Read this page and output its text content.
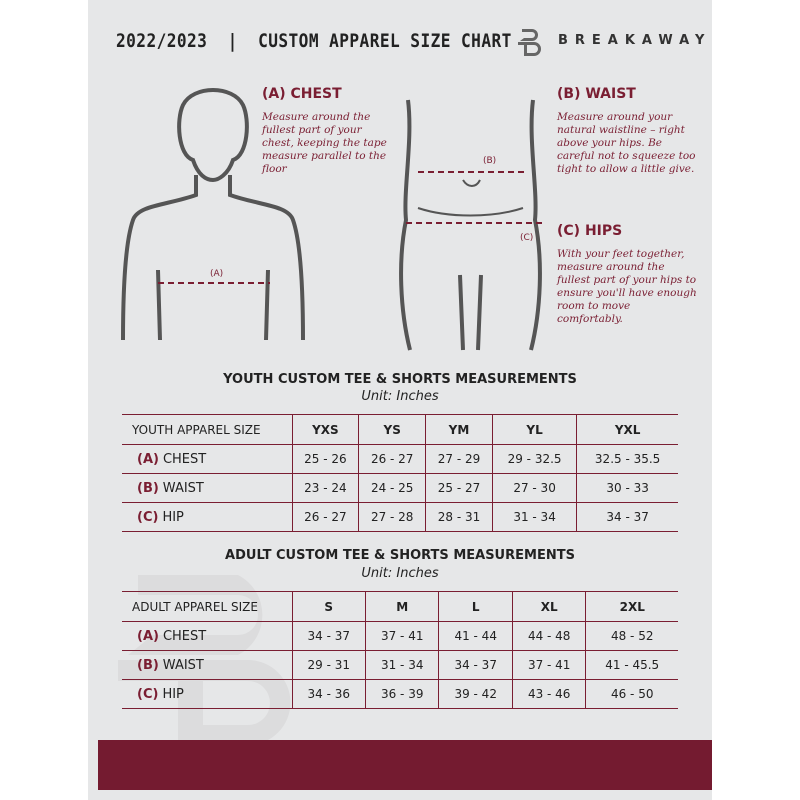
2022/2023  |  CUSTOM APPAREL SIZE CHART	BREAKAWAY
(A)
(B)
(C)
(A) CHEST
Measure around the fullest part of your chest, keeping the tape measure parallel to the floor
(B) WAIST
Measure around your natural waistline – right above your hips. Be careful not to squeeze too tight to allow a little give.
(C) HIPS
With your feet together, measure around the fullest part of your hips to ensure you'll have enough room to move comfortably.
YOUTH CUSTOM TEE & SHORTS MEASUREMENTS
Unit: Inches
YOUTH APPAREL SIZE	YXS	YS	YM	YL	YXL
(A) CHEST	25 - 26	26 - 27	27 - 29	29 - 32.5	32.5 - 35.5
(B) WAIST	23 - 24	24 - 25	25 - 27	27 - 30	30 - 33
(C) HIP	26 - 27	27 - 28	28 - 31	31 - 34	34 - 37
ADULT CUSTOM TEE & SHORTS MEASUREMENTS
Unit: Inches
ADULT APPAREL SIZE	S	M	L	XL	2XL
(A) CHEST	34 - 37	37 - 41	41 - 44	44 - 48	48 - 52
(B) WAIST	29 - 31	31 - 34	34 - 37	37 - 41	41 - 45.5
(C) HIP	34 - 36	36 - 39	39 - 42	43 - 46	46 - 50
